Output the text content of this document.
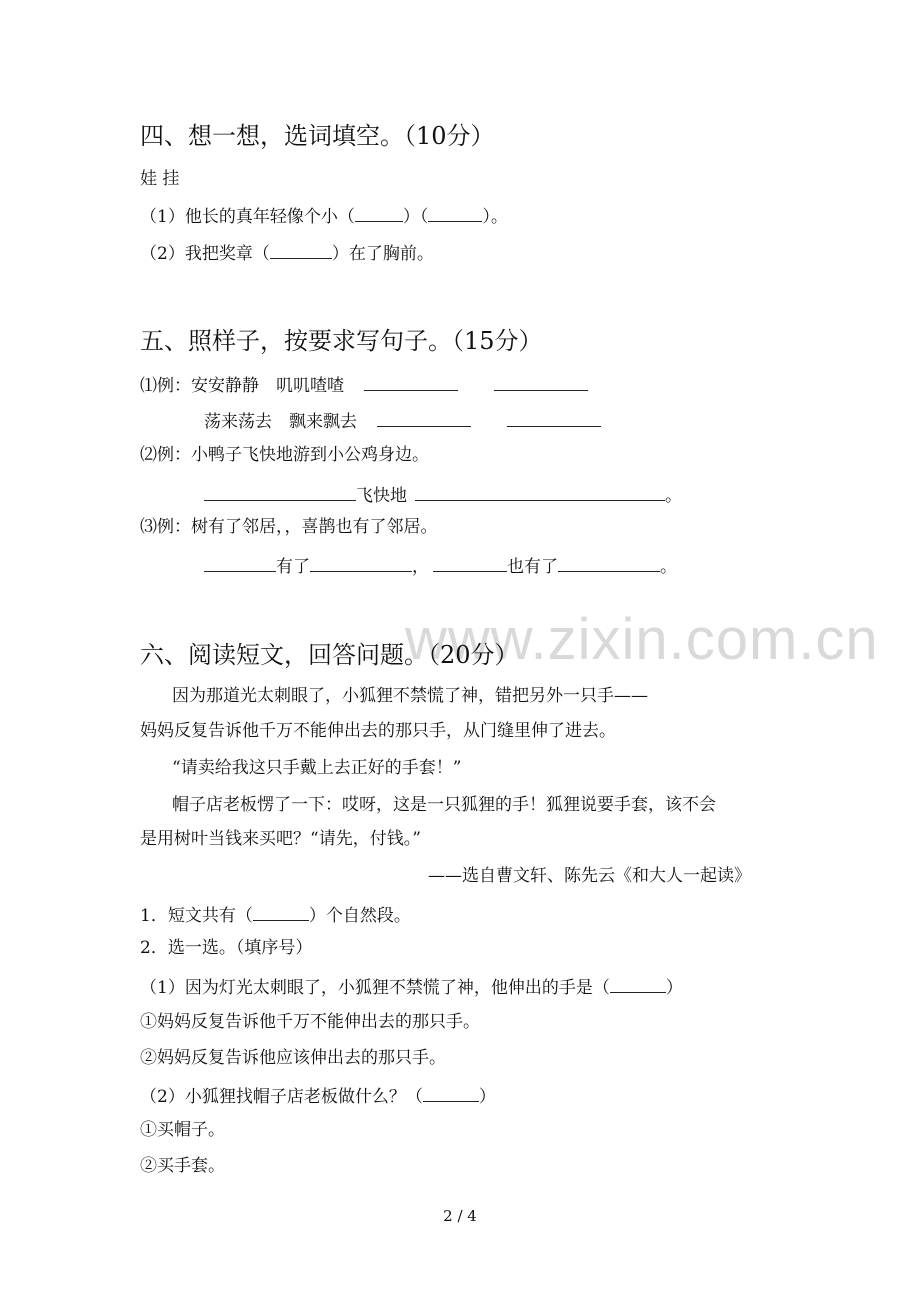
www.zixin.com.cn
四、想一想，选词填空。（10分）
娃 挂
（1）他长的真年轻像个小（	）（	）。
（2）我把奖章（	）在了胸前。
五、照样子，按要求写句子。（15分）
⑴例：安安静静　叽叽喳喳
荡来荡去　飘来飘去
⑵例：小鸭子飞快地游到小公鸡身边。
飞快地	。
⑶例：树有了邻居，，喜鹊也有了邻居。
有了	，	也有了	。
六、阅读短文，回答问题。（20分）
因为那道光太刺眼了，小狐狸不禁慌了神，错把另外一只手——
妈妈反复告诉他千万不能伸出去的那只手，从门缝里伸了进去。
“请卖给我这只手戴上去正好的手套！”
帽子店老板愣了一下：哎呀，这是一只狐狸的手！狐狸说要手套，该不会
是用树叶当钱来买吧？“请先，付钱。”
——选自曹文轩、陈先云《和大人一起读》
1．短文共有（	）个自然段。
2．选一选。（填序号）
（1）因为灯光太刺眼了，小狐狸不禁慌了神，他伸出的手是（	）
①妈妈反复告诉他千万不能伸出去的那只手。
②妈妈反复告诉他应该伸出去的那只手。
（2）小狐狸找帽子店老板做什么？（	）
①买帽子。
②买手套。
2 / 4
